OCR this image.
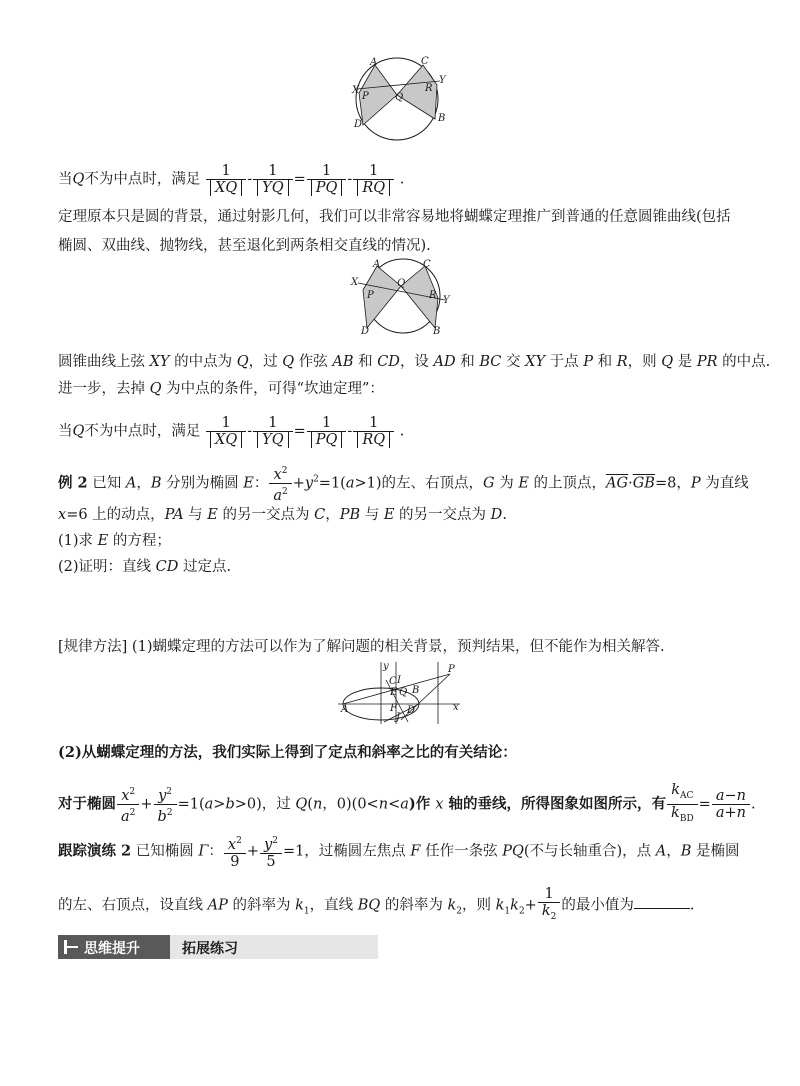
A	C
X
Y
P	Q
R
D
B
当Q不为中点时，满足 $\frac{1}{XQ} - \frac{1}{YQ} = \frac{1}{PQ} - \frac{1}{RQ}$ .
定理原本只是圆的背景，通过射影几何，我们可以非常容易地将蝴蝶定理推广到普通的任意圆锥曲线(包括
椭圆、双曲线、抛物线，甚至退化到两条相交直线的情况).
A	C
X
Y
P
Q
R
D	B
圆锥曲线上弦 XY 的中点为 Q，过 Q 作弦 AB 和 CD，设 AD 和 BC 交 XY 于点 P 和 R，则 Q 是 PR 的中点.
进一步，去掉 Q 为中点的条件，可得“坎迪定理”：
当Q不为中点时，满足 $\frac{1}{XQ} - \frac{1}{YQ} = \frac{1}{PQ} - \frac{1}{RQ}$ .
例 2 已知 A，B 分别为椭圆 E： $\frac{x^2}{a^2} +y^2=1(a>1)$的左、右顶点，G 为 E 的上顶点，$\overline{AG}\cdot\overline{GB}=8$，P 为直线
x=6 上的动点，PA 与 E 的另一交点为 C，PB 与 E 的另一交点为 D.
(1)求 E 的方程；
(2)证明：直线 CD 过定点.
[规律方法] (1)蝴蝶定理的方法可以作为了解问题的相关背景，预判结果，但不能作为相关解答.
y	P
C I
E Q B
A	F
J
D	x
(2)从蝴蝶定理的方法，我们实际上得到了定点和斜率之比的有关结论：
对于椭圆 $\frac{x^2}{a^2} + \frac{y^2}{b^2} =1(a>b>0)$，过 Q(n，0)(0<n<a)作 x 轴的垂线，所得图象如图所示，有 $\frac{k_{AC}}{k_{BD}} = \frac{a-n}{a+n}$ .
跟踪演练 2 已知椭圆 Γ： $\frac{x^2}{9} + \frac{y^2}{5} =1$，过椭圆左焦点 F 任作一条弦 PQ(不与长轴重合)，点 A，B 是椭圆
的左、右顶点，设直线 AP 的斜率为 $k_1$，直线 BQ 的斜率为 $k_2$，则 $k_1k_2+ \frac{1}{k_2}$ 的最小值为	.
思维提升	拓展练习
